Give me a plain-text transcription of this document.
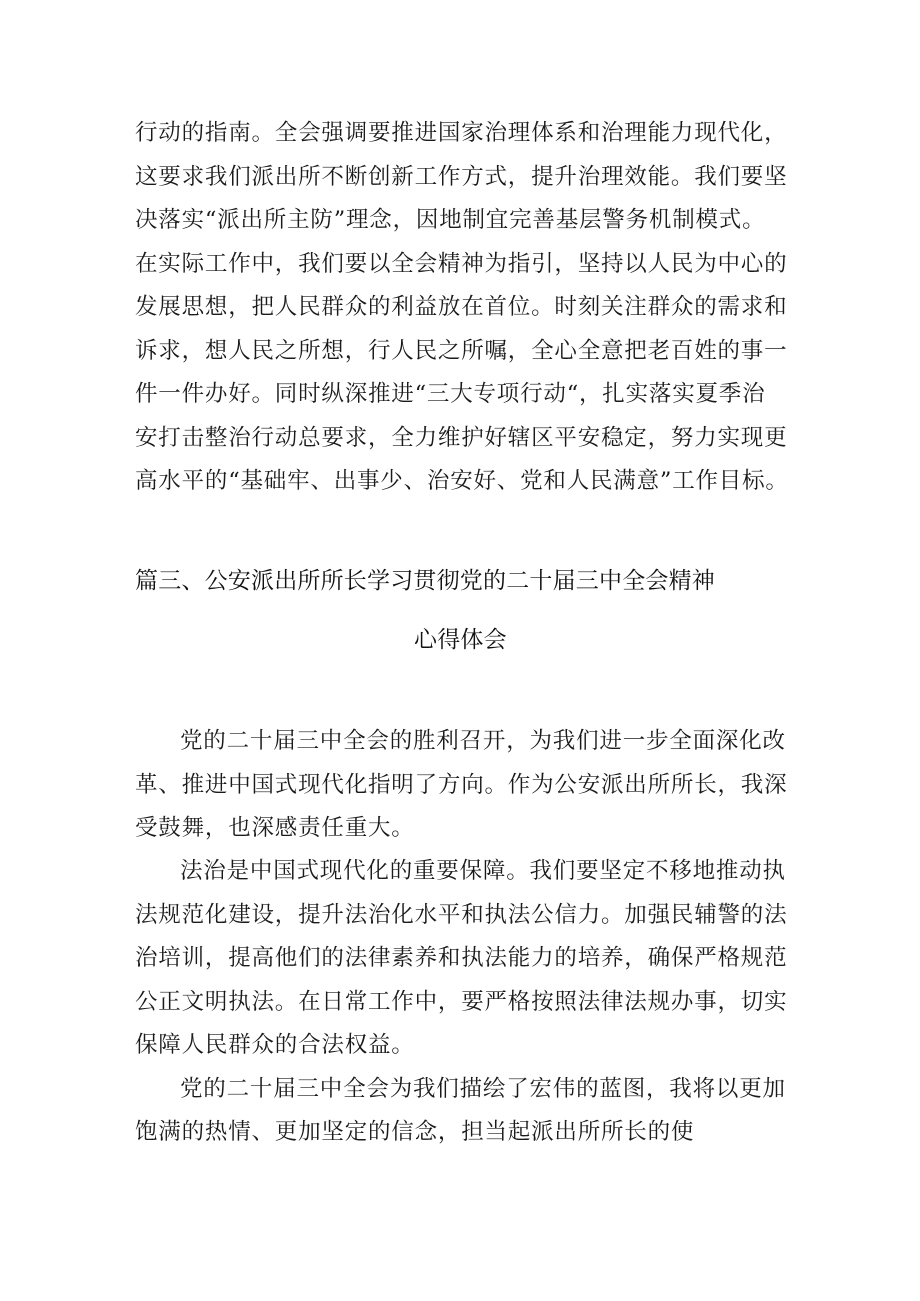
行动的指南。全会强调要推进国家治理体系和治理能力现代化，
这要求我们派出所不断创新工作方式，提升治理效能。我们要坚
决落实“派出所主防”理念，因地制宜完善基层警务机制模式。
在实际工作中，我们要以全会精神为指引，坚持以人民为中心的
发展思想，把人民群众的利益放在首位。时刻关注群众的需求和
诉求，想人民之所想，行人民之所嘱，全心全意把老百姓的事一
件一件办好。同时纵深推进“三大专项行动“，扎实落实夏季治
安打击整治行动总要求，全力维护好辖区平安稳定，努力实现更
高水平的“基础牢、出事少、治安好、党和人民满意”工作目标。
篇三、公安派出所所长学习贯彻党的二十届三中全会精神
心得体会
党的二十届三中全会的胜利召开，为我们进一步全面深化改
革、推进中国式现代化指明了方向。作为公安派出所所长，我深
受鼓舞，也深感责任重大。
法治是中国式现代化的重要保障。我们要坚定不移地推动执
法规范化建设，提升法治化水平和执法公信力。加强民辅警的法
治培训，提高他们的法律素养和执法能力的培养，确保严格规范
公正文明执法。在日常工作中，要严格按照法律法规办事，切实
保障人民群众的合法权益。
党的二十届三中全会为我们描绘了宏伟的蓝图，我将以更加
饱满的热情、更加坚定的信念，担当起派出所所长的使
